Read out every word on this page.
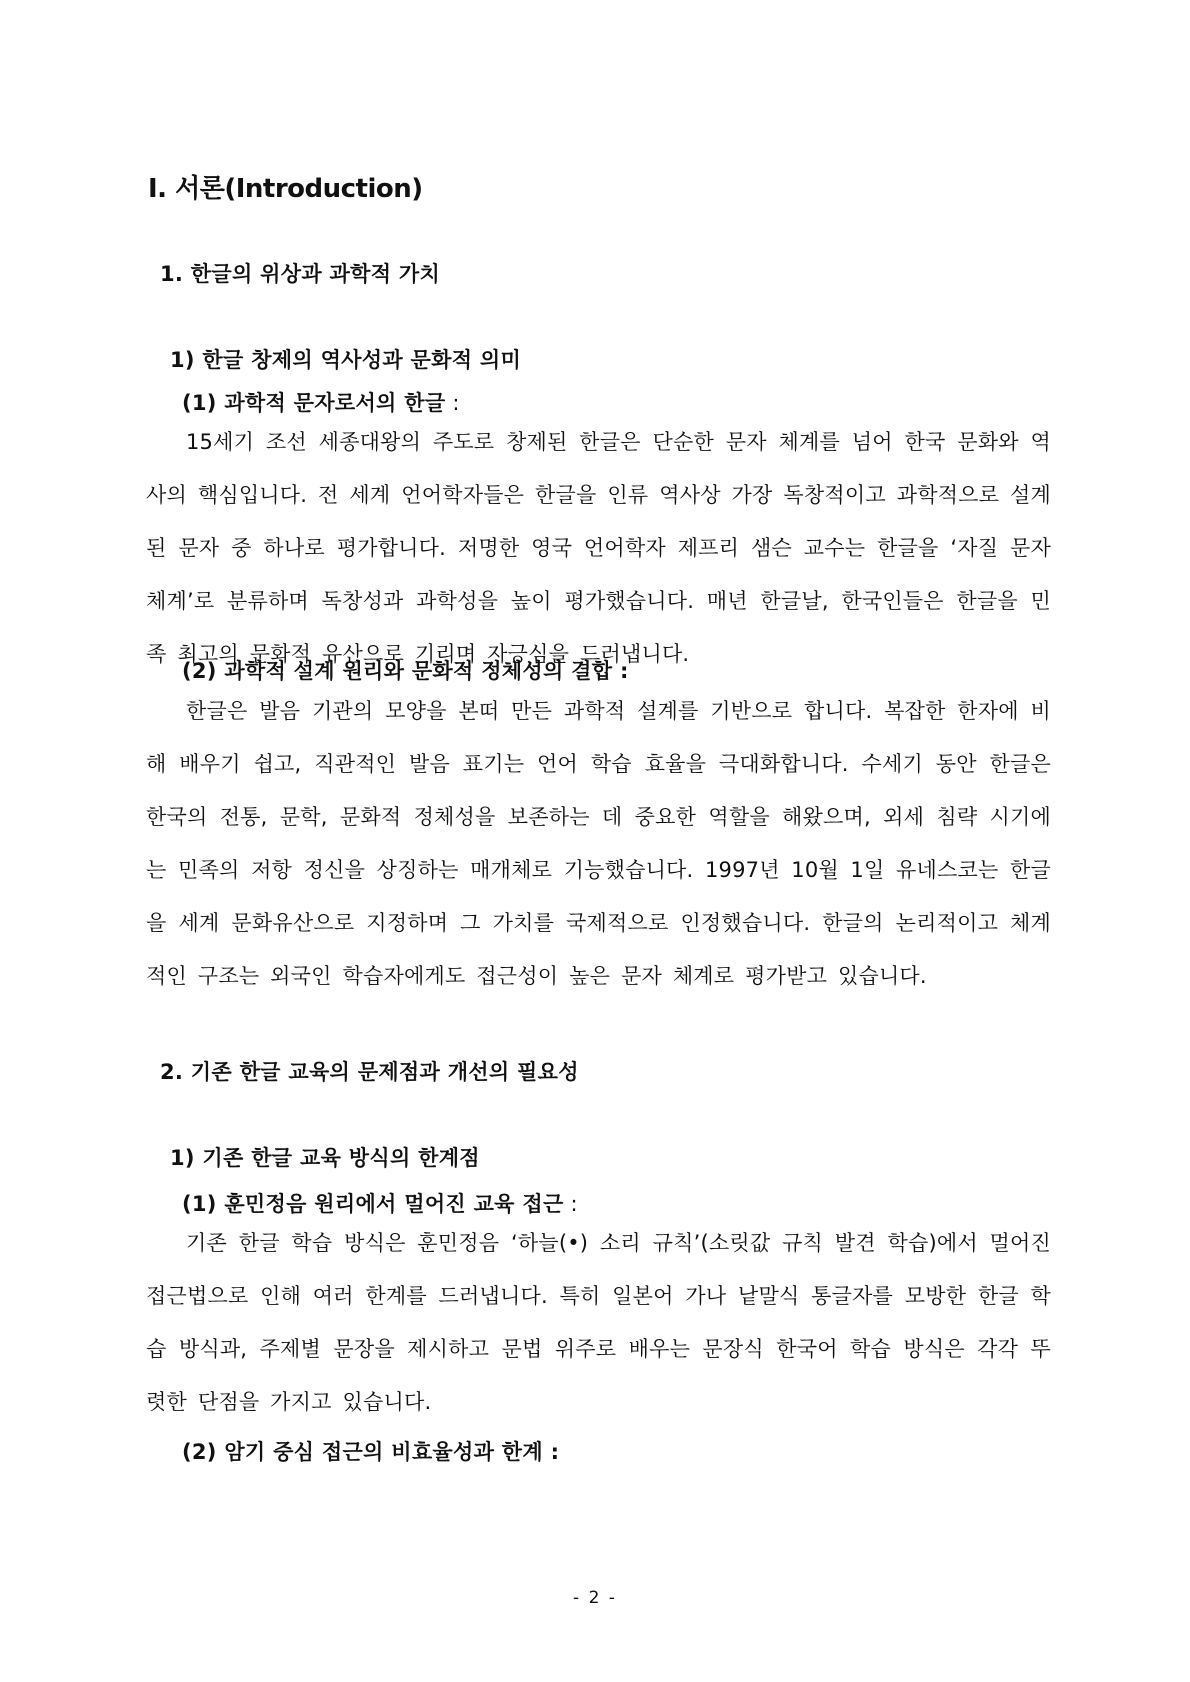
Ⅰ. 서론(Introduction)
1. 한글의 위상과 과학적 가치
1) 한글 창제의 역사성과 문화적 의미
(1) 과학적 문자로서의 한글 :
15세기 조선 세종대왕의 주도로 창제된 한글은 단순한 문자 체계를 넘어 한국 문화와 역사의 핵심입니다. 전 세계 언어학자들은 한글을 인류 역사상 가장 독창적이고 과학적으로 설계된 문자 중 하나로 평가합니다. 저명한 영국 언어학자 제프리 샘슨 교수는 한글을 ‘자질 문자 체계’로 분류하며 독창성과 과학성을 높이 평가했습니다. 매년 한글날, 한국인들은 한글을 민족 최고의 문화적 유산으로 기리며 자긍심을 드러냅니다.
(2) 과학적 설계 원리와 문화적 정체성의 결합 :
한글은 발음 기관의 모양을 본떠 만든 과학적 설계를 기반으로 합니다. 복잡한 한자에 비해 배우기 쉽고, 직관적인 발음 표기는 언어 학습 효율을 극대화합니다. 수세기 동안 한글은 한국의 전통, 문학, 문화적 정체성을 보존하는 데 중요한 역할을 해왔으며, 외세 침략 시기에는 민족의 저항 정신을 상징하는 매개체로 기능했습니다. 1997년 10월 1일 유네스코는 한글을 세계 문화유산으로 지정하며 그 가치를 국제적으로 인정했습니다. 한글의 논리적이고 체계적인 구조는 외국인 학습자에게도 접근성이 높은 문자 체계로 평가받고 있습니다.
2. 기존 한글 교육의 문제점과 개선의 필요성
1) 기존 한글 교육 방식의 한계점
(1) 훈민정음 원리에서 멀어진 교육 접근 :
기존 한글 학습 방식은 훈민정음 ‘하늘(•) 소리 규칙’(소릿값 규칙 발견 학습)에서 멀어진 접근법으로 인해 여러 한계를 드러냅니다. 특히 일본어 가나 낱말식 통글자를 모방한 한글 학습 방식과, 주제별 문장을 제시하고 문법 위주로 배우는 문장식 한국어 학습 방식은 각각 뚜렷한 단점을 가지고 있습니다.
(2) 암기 중심 접근의 비효율성과 한계 :
- 2 -
